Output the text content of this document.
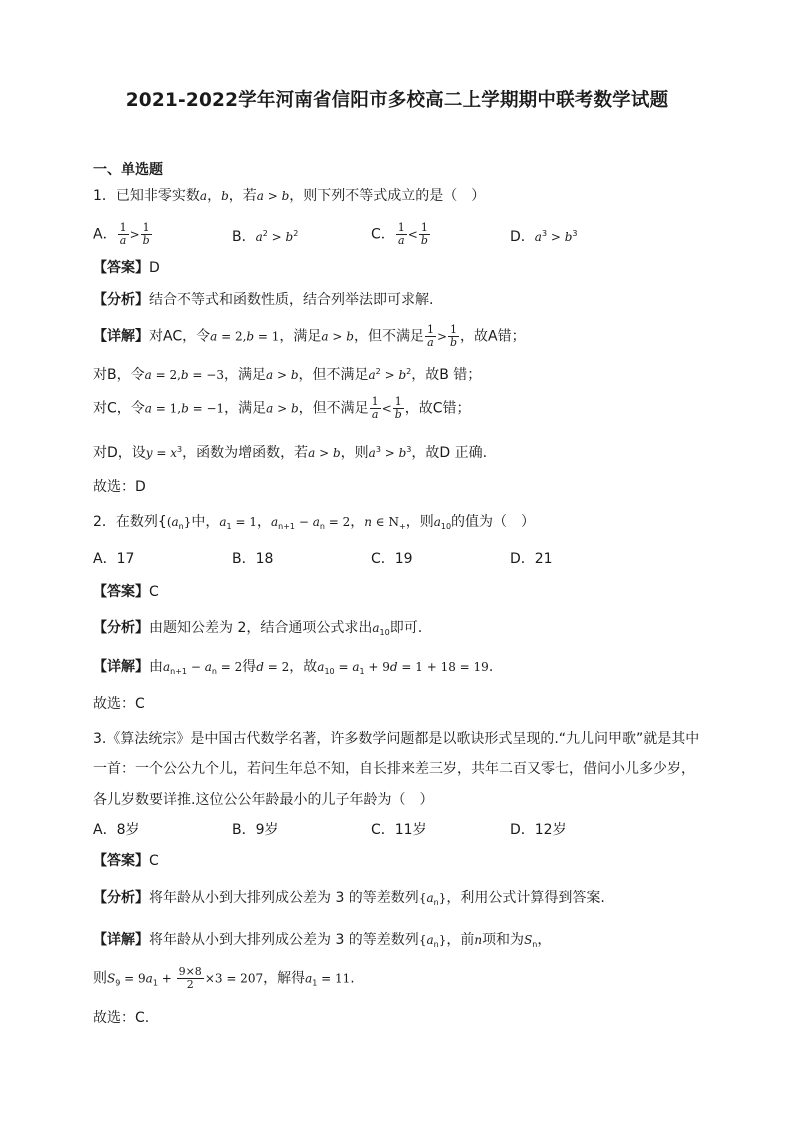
2021-2022学年河南省信阳市多校高二上学期期中联考数学试题
一、单选题
1．已知非零实数a，b，若a > b，则下列不等式成立的是（　）
A． $\frac{1}{a} > \frac{1}{b}$	B．$a^2 > b^2$	C． $\frac{1}{a} < \frac{1}{b}$	D．$a^3 > b^3$
【答案】D
【分析】结合不等式和函数性质，结合列举法即可求解.
【详解】对AC，令a = 2,b = 1，满足a > b，但不满足 $\frac{1}{a} > \frac{1}{b}$ ，故A错；
对B，令a = 2,b = −3，满足a > b，但不满足$a^2 > b^2$，故B 错；
对C，令a = 1,b = −1，满足a > b，但不满足 $\frac{1}{a} < \frac{1}{b}$ ，故C错；
对D，设$y = x^3$，函数为增函数，若a > b，则$a^3 > b^3$，故D 正确.
故选：D
2．在数列{$(a_n\}$中，$a_1 = 1$，$a_{n+1} - a_n = 2$，n ∈ $N_+$，则$a_{10}$的值为（　）
A．17	B．18	C．19	D．21
【答案】C
【分析】由题知公差为 2，结合通项公式求出$a_{10}$即可.
【详解】由$a_{n+1} - a_n = 2$得d = 2，故$a_{10} = a_1 + 9d = 1 + 18 = 19$.
故选：C
3.《算法统宗》是中国古代数学名著，许多数学问题都是以歌诀形式呈现的.“九儿问甲歌”就是其中
一首：一个公公九个儿，若问生年总不知，自长排来差三岁，共年二百又零七，借问小儿多少岁，
各儿岁数要详推.这位公公年龄最小的儿子年龄为（　）
A．8岁	B．9岁	C．11岁	D．12岁
【答案】C
【分析】将年龄从小到大排列成公差为 3 的等差数列$\{a_n\}$，利用公式计算得到答案.
【详解】将年龄从小到大排列成公差为 3 的等差数列$\{a_n\}$，前n项和为$S_n$，
则$S_9 = 9a_1 + \frac{9\times 8}{2} \times 3 = 207$，解得$a_1 = 11$.
故选：C.
